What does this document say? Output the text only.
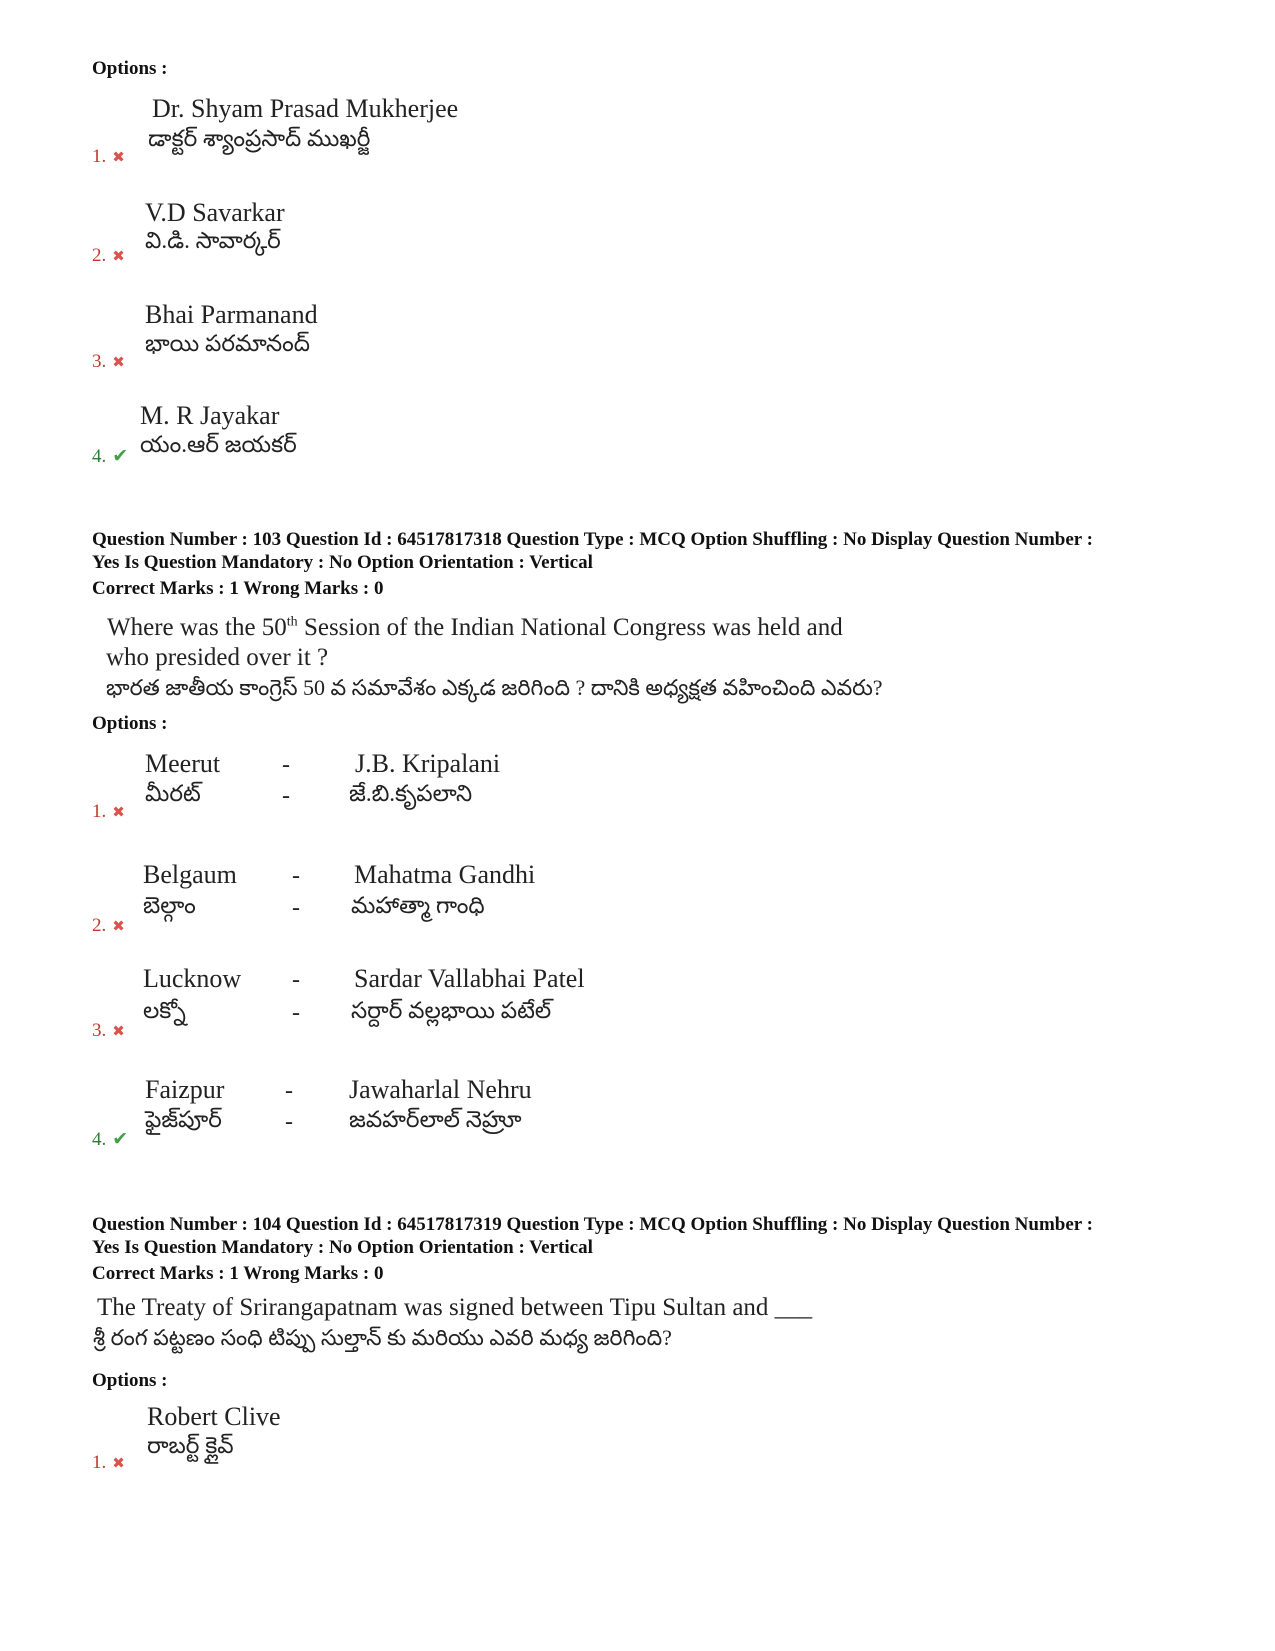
Options :
Dr. Shyam Prasad Mukherjee
డాక్టర్ శ్యాంప్రసాద్ ముఖర్జీ
1. ✖
V.D Savarkar
వి.డి. సావార్కర్
2. ✖
Bhai Parmanand
భాయి పరమానంద్
3. ✖
M. R Jayakar
యం.ఆర్ జయకర్
4. ✔
Question Number : 103 Question Id : 64517817318 Question Type : MCQ Option Shuffling : No Display Question Number :
Yes Is Question Mandatory : No Option Orientation : Vertical
Correct Marks : 1 Wrong Marks : 0
Where was the 50th Session of the Indian National Congress was held and
who presided over it ?
భారత జాతీయ కాంగ్రెస్ 50 వ సమావేశం ఎక్కడ జరిగింది ? దానికి అధ్యక్షత వహించింది ఎవరు?
Options :
Meerut	-	J.B. Kripalani
మీరట్	-	జే.బి.కృపలాని
1. ✖
Belgaum - Mahatma Gandhi
బెల్గాం	- మహాత్మా గాంధి
2. ✖
Lucknow - Sardar Vallabhai Patel
లక్నో	- సర్దార్ వల్లభాయి పటేల్
3. ✖
Faizpur	- Jawaharlal Nehru
ఫైజ్‌పూర్	- జవహర్‌లాల్ నెహ్రూ
4. ✔
Question Number : 104 Question Id : 64517817319 Question Type : MCQ Option Shuffling : No Display Question Number :
Yes Is Question Mandatory : No Option Orientation : Vertical
Correct Marks : 1 Wrong Marks : 0
The Treaty of Srirangapatnam was signed between Tipu Sultan and ___
శ్రీ రంగ పట్టణం సంధి టిప్పు సుల్తాన్ కు మరియు ఎవరి మధ్య జరిగింది?
Options :
Robert Clive
రాబర్ట్ క్లైవ్
1. ✖
